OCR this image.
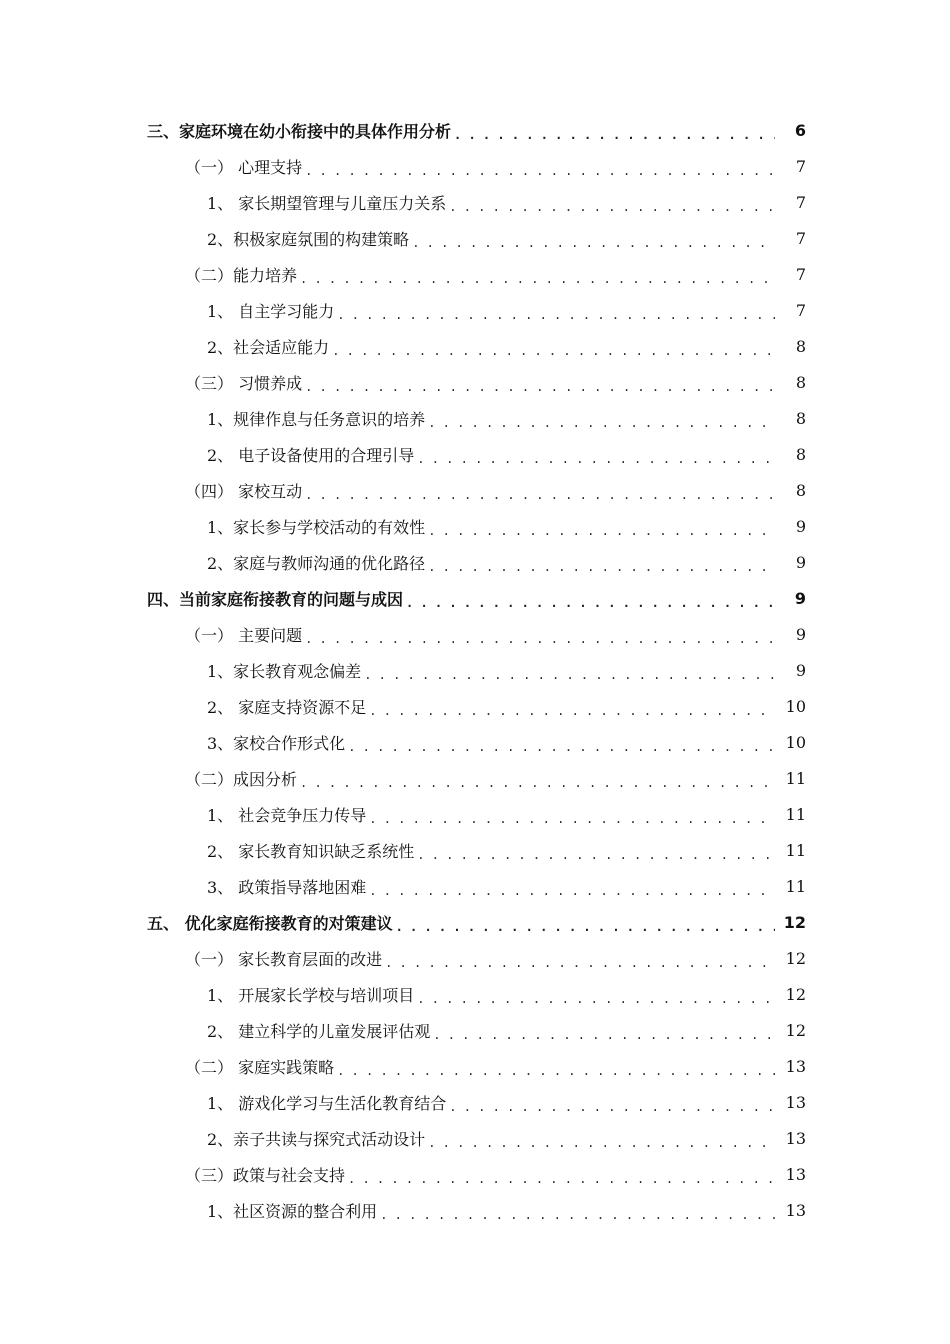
三、家庭环境在幼小衔接中的具体作用分析 . . .	6
（一） 心理支持 . . .	7
1、 家长期望管理与儿童压力关系 . . .	7
2、积极家庭氛围的构建策略 . . .	7
（二）能力培养 . . .	7
1、 自主学习能力 . . .	7
2、社会适应能力 . . .	8
（三） 习惯养成 . . .	8
1、规律作息与任务意识的培养 . . .	8
2、 电子设备使用的合理引导 . . .	8
（四） 家校互动 . . .	8
1、家长参与学校活动的有效性 . . .	9
2、家庭与教师沟通的优化路径 . . .	9
四、当前家庭衔接教育的问题与成因 . . .	9
（一） 主要问题 . . .	9
1、家长教育观念偏差 . . .	9
2、 家庭支持资源不足 . . .	10
3、家校合作形式化 . . .	10
（二）成因分析 . . .	11
1、 社会竞争压力传导 . . .	11
2、 家长教育知识缺乏系统性 . . .	11
3、 政策指导落地困难 . . .	11
五、 优化家庭衔接教育的对策建议 . . .	12
（一） 家长教育层面的改进 . . .	12
1、 开展家长学校与培训项目 . . .	12
2、 建立科学的儿童发展评估观 . . .	12
（二） 家庭实践策略 . . .	13
1、 游戏化学习与生活化教育结合 . . .	13
2、亲子共读与探究式活动设计 . . .	13
（三）政策与社会支持 . . .	13
1、社区资源的整合利用 . . .	13
